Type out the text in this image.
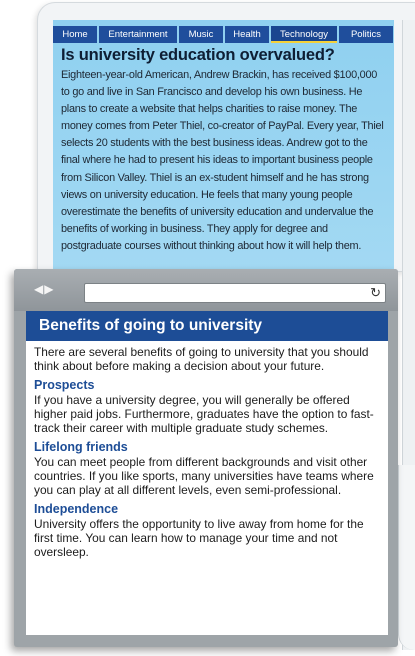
Home	Entertainment	Music	Health	Technology	Politics
Is university education overvalued?
Eighteen-year-old American, Andrew Brackin, has received $100,000 to go and live in San Francisco and develop his own business. He plans to create a website that helps charities to raise money. The money comes from Peter Thiel, co-creator of PayPal. Every year, Thiel selects 20 students with the best business ideas. Andrew got to the final where he had to present his ideas to important business people from Silicon Valley. Thiel is an ex-student himself and he has strong views on university education. He feels that many young people overestimate the benefits of university education and undervalue the benefits of working in business. They apply for degree and postgraduate courses without thinking about how it will help them.
◀▶	↻
Benefits of going to university

There are several benefits of going to university that you should think about before making a decision about your future.

Prospects

If you have a university degree, you will generally be offered higher paid jobs. Furthermore, graduates have the option to fast-track their career with multiple graduate study schemes.

Lifelong friends

You can meet people from different backgrounds and visit other countries. If you like sports, many universities have teams where you can play at all different levels, even semi-professional.

Independence

University offers the opportunity to live away from home for the first time. You can learn how to manage your time and not oversleep.
